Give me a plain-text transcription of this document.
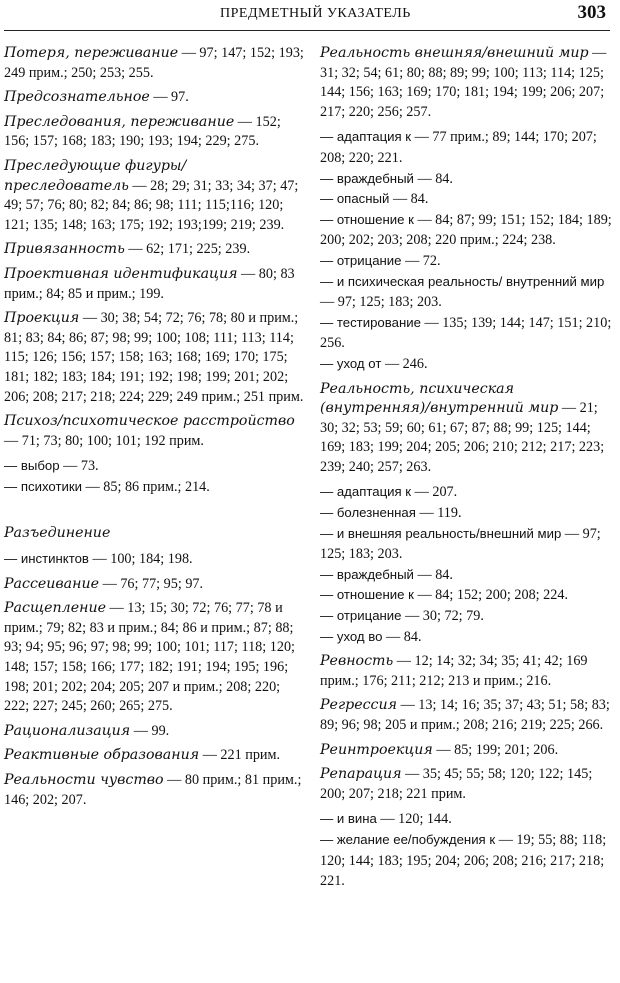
ПРЕДМЕТНЫЙ УКАЗАТЕЛЬ	303
Потеря, переживание — 97; 147; 152; 193; 249 прим.; 250; 253; 255.
Предсознательное — 97.
Преследования, переживание — 152; 156; 157; 168; 183; 190; 193; 194; 229; 275.
Преследующие фигуры/ преследователь — 28; 29; 31; 33; 34; 37; 47; 49; 57; 76; 80; 82; 84; 86; 98; 111; 115;116; 120; 121; 135; 148; 163; 175; 192; 193;199; 219; 239.
Привязанность — 62; 171; 225; 239.
Проективная идентификация — 80; 83 прим.; 84; 85 и прим.; 199.
Проекция — 30; 38; 54; 72; 76; 78; 80 и прим.; 81; 83; 84; 86; 87; 98; 99; 100; 108; 111; 113; 114; 115; 126; 156; 157; 158; 163; 168; 169; 170; 175; 181; 182; 183; 184; 191; 192; 198; 199; 201; 202; 206; 208; 217; 218; 224; 229; 249 прим.; 251 прим.
Психоз/психотическое расстройство — 71; 73; 80; 100; 101; 192 прим.
— выбор — 73.
— психотики — 85; 86 прим.; 214.
Разъединение
— инстинктов — 100; 184; 198.
Рассеивание — 76; 77; 95; 97.
Расщепление — 13; 15; 30; 72; 76; 77; 78 и прим.; 79; 82; 83 и прим.; 84; 86 и прим.; 87; 88; 93; 94; 95; 96; 97; 98; 99; 100; 101; 117; 118; 120; 148; 157; 158; 166; 177; 182; 191; 194; 195; 196; 198; 201; 202; 204; 205; 207 и прим.; 208; 220; 222; 227; 245; 260; 265; 275.
Рационализация — 99.
Реактивные образования — 221 прим.
Реальности чувство — 80 прим.; 81 прим.; 146; 202; 207.
Реальность внешняя/внешний мир — 31; 32; 54; 61; 80; 88; 89; 99; 100; 113; 114; 125; 144; 156; 163; 169; 170; 181; 194; 199; 206; 207; 217; 220; 256; 257.
— адаптация к — 77 прим.; 89; 144; 170; 207; 208; 220; 221.
— враждебный — 84.
— опасный — 84.
— отношение к — 84; 87; 99; 151; 152; 184; 189; 200; 202; 203; 208; 220 прим.; 224; 238.
— отрицание — 72.
— и психическая реальность/ внутренний мир — 97; 125; 183; 203.
— тестирование — 135; 139; 144; 147; 151; 210; 256.
— уход от — 246.
Реальность, психическая (внутренняя)/внутренний мир — 21; 30; 32; 53; 59; 60; 61; 67; 87; 88; 99; 125; 144; 169; 183; 199; 204; 205; 206; 210; 212; 217; 223; 239; 240; 257; 263.
— адаптация к — 207.
— болезненная — 119.
— и внешняя реальность/внешний мир — 97; 125; 183; 203.
— враждебный — 84.
— отношение к — 84; 152; 200; 208; 224.
— отрицание — 30; 72; 79.
— уход во — 84.
Ревность — 12; 14; 32; 34; 35; 41; 42; 169 прим.; 176; 211; 212; 213 и прим.; 216.
Регрессия — 13; 14; 16; 35; 37; 43; 51; 58; 83; 89; 96; 98; 205 и прим.; 208; 216; 219; 225; 266.
Реинтроекция — 85; 199; 201; 206.
Репарация — 35; 45; 55; 58; 120; 122; 145; 200; 207; 218; 221 прим.
— и вина — 120; 144.
— желание ее/побуждения к — 19; 55; 88; 118; 120; 144; 183; 195; 204; 206; 208; 216; 217; 218; 221.
